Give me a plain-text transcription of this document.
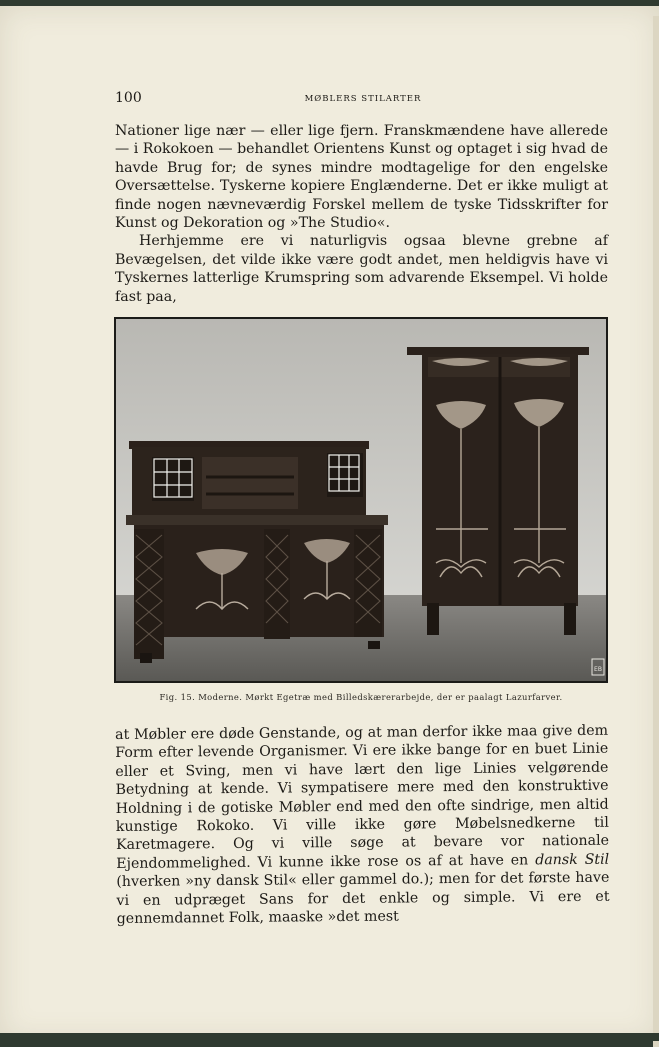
100	MØBLERS STILARTER

Nationer lige nær — eller lige fjern. Franskmændene have allerede — i Rokokoen — behandlet Orientens Kunst og optaget i sig hvad de havde Brug for; de synes mindre modtagelige for den engelske Oversættelse. Tyskerne kopiere Englænderne. Det er ikke muligt at finde nogen nævneværdig Forskel mellem de tyske Tidsskrifter for Kunst og Dekoration og »The Studio«.

Herhjemme ere vi naturligvis ogsaa blevne grebne af Bevægelsen, det vilde ikke være godt andet, men heldigvis have vi Tyskernes latterlige Krumspring som advarende Eksempel. Vi holde fast paa,

EB
Fig. 15. Moderne. Mørkt Egetræ med Billedskærerarbejde, der er paalagt Lazurfarver.

at Møbler ere døde Genstande, og at man derfor ikke maa give dem Form efter levende Organismer. Vi ere ikke bange for en buet Linie eller et Sving, men vi have lært den lige Linies velgørende Betydning at kende. Vi sympatisere mere med den konstruktive Holdning i de gotiske Møbler end med den ofte sindrige, men altid kunstige Rokoko. Vi ville ikke gøre Møbelsnedkerne til Karetmagere. Og vi ville søge at bevare vor nationale Ejendommelighed. Vi kunne ikke rose os af at have en dansk Stil (hverken »ny dansk Stil« eller gammel do.); men for det første have vi en udpræget Sans for det enkle og simple. Vi ere et gennemdannet Folk, maaske »det mest
